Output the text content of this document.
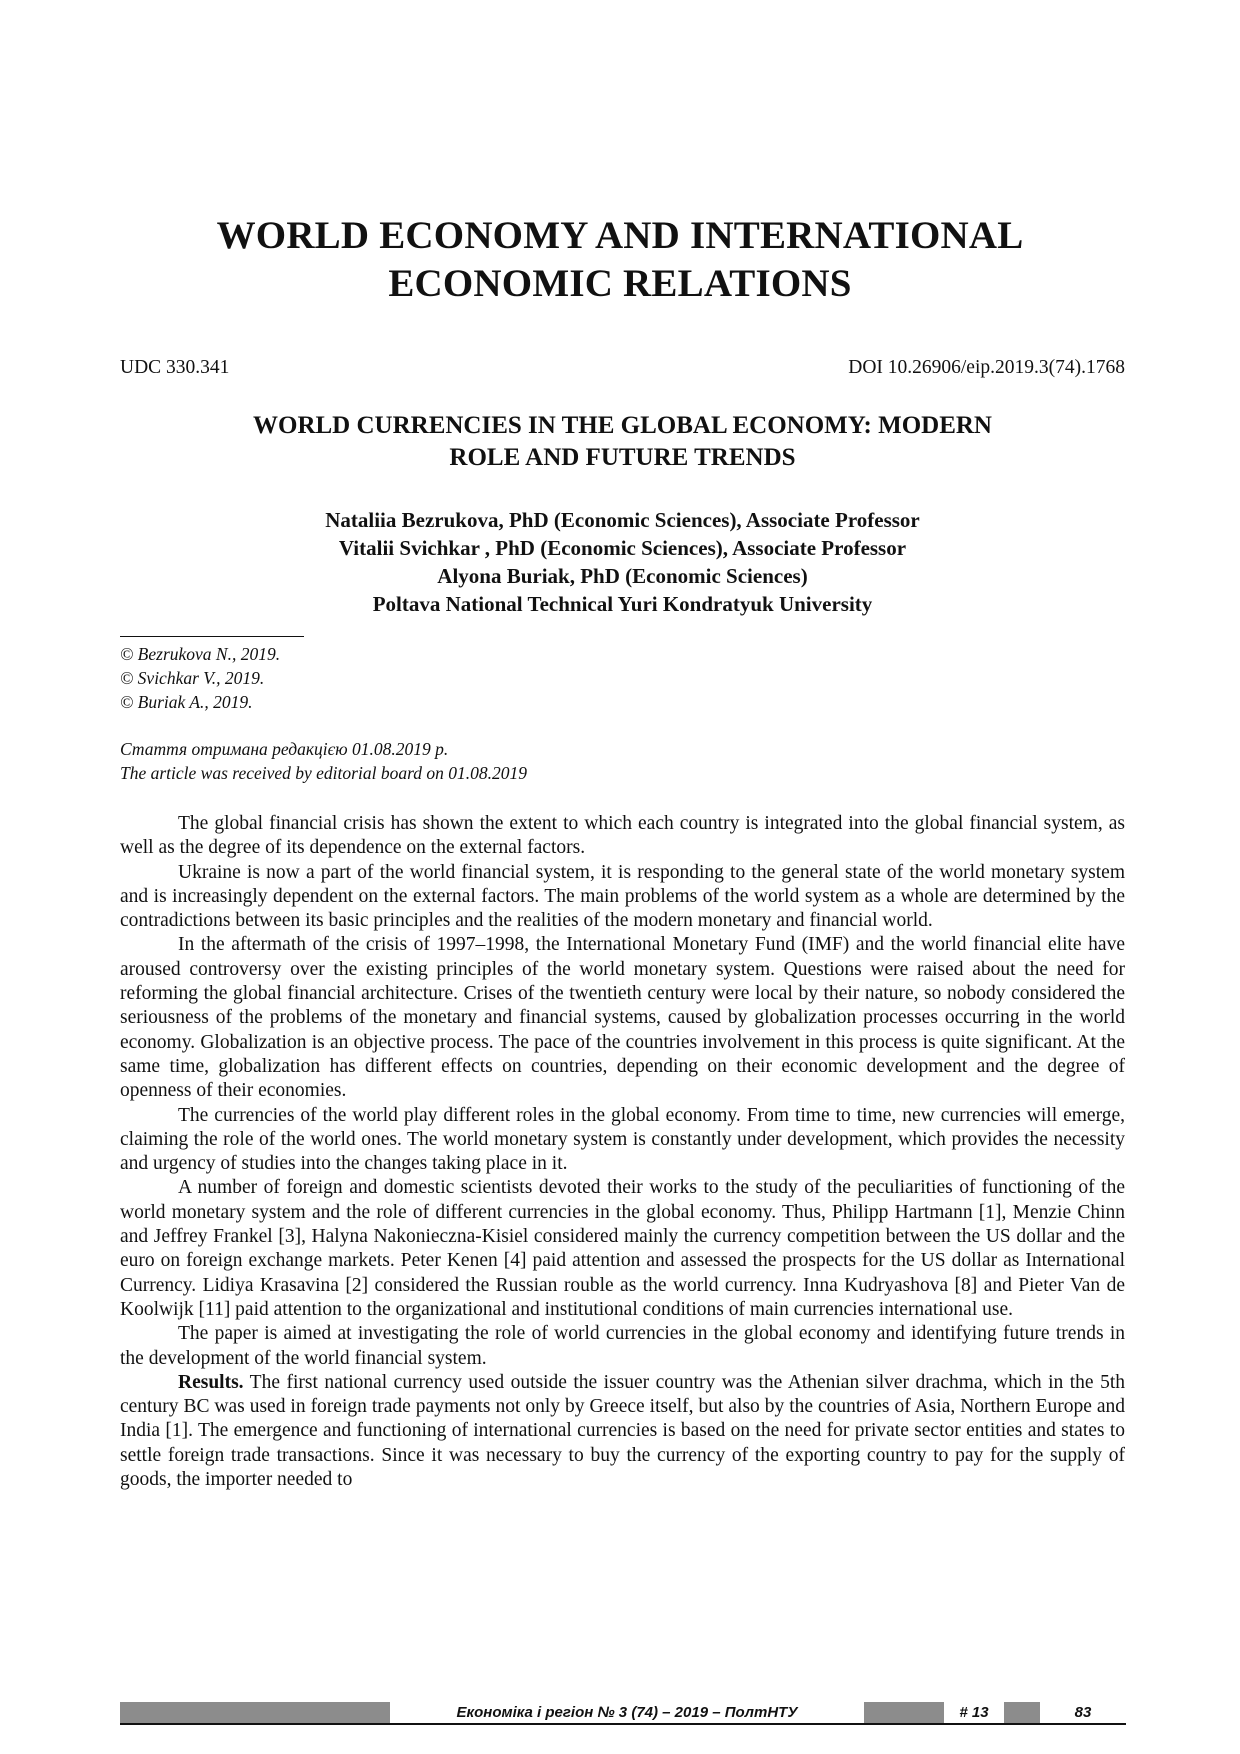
WORLD ECONOMY AND INTERNATIONAL
ECONOMIC RELATIONS
UDC 330.341	DOI 10.26906/eip.2019.3(74).1768
WORLD CURRENCIES IN THE GLOBAL ECONOMY: MODERN
ROLE AND FUTURE TRENDS
Nataliia Bezrukova, PhD (Economic Sciences), Associate Professor
Vitalii Svichkar , PhD (Economic Sciences), Associate Professor
Alyona Buriak, PhD (Economic Sciences)
Poltava National Technical Yuri Kondratyuk University
© Bezrukova N., 2019.
© Svichkar V., 2019.
© Buriak A., 2019.
Стаття отримана редакцією 01.08.2019 р.
The article was received by editorial board on 01.08.2019

The global financial crisis has shown the extent to which each country is integrated into the global financial system, as well as the degree of its dependence on the external factors.

Ukraine is now a part of the world financial system, it is responding to the general state of the world monetary system and is increasingly dependent on the external factors. The main problems of the world system as a whole are determined by the contradictions between its basic principles and the realities of the modern monetary and financial world.

In the aftermath of the crisis of 1997–1998, the International Monetary Fund (IMF) and the world financial elite have aroused controversy over the existing principles of the world monetary system. Questions were raised about the need for reforming the global financial architecture. Crises of the twentieth century were local by their nature, so nobody considered the seriousness of the problems of the monetary and financial systems, caused by globalization processes occurring in the world economy. Globalization is an objective process. The pace of the countries involvement in this process is quite significant. At the same time, globalization has different effects on countries, depending on their economic development and the degree of openness of their economies.

The currencies of the world play different roles in the global economy. From time to time, new currencies will emerge, claiming the role of the world ones. The world monetary system is constantly under development, which provides the necessity and urgency of studies into the changes taking place in it.

A number of foreign and domestic scientists devoted their works to the study of the peculiarities of functioning of the world monetary system and the role of different currencies in the global economy. Thus, Philipp Hartmann [1], Menzie Chinn and Jeffrey Frankel [3], Halyna Nakonieczna-Kisiel considered mainly the currency competition between the US dollar and the euro on foreign exchange markets. Peter Kenen [4] paid attention and assessed the prospects for the US dollar as International Currency. Lidiya Krasavina [2] considered the Russian rouble as the world currency. Inna Kudryashova [8] and Pieter Van de Koolwijk [11] paid attention to the organizational and institutional conditions of main currencies international use.

The paper is aimed at investigating the role of world currencies in the global economy and identifying future trends in the development of the world financial system.

Results. The first national currency used outside the issuer country was the Athenian silver drachma, which in the 5th century BC was used in foreign trade payments not only by Greece itself, but also by the countries of Asia, Northern Europe and India [1]. The emergence and functioning of international currencies is based on the need for private sector entities and states to settle foreign trade transactions. Since it was necessary to buy the currency of the exporting country to pay for the supply of goods, the importer needed to

Економіка і регіон № 3 (74) – 2019 – ПолтНТУ	# 13	83
